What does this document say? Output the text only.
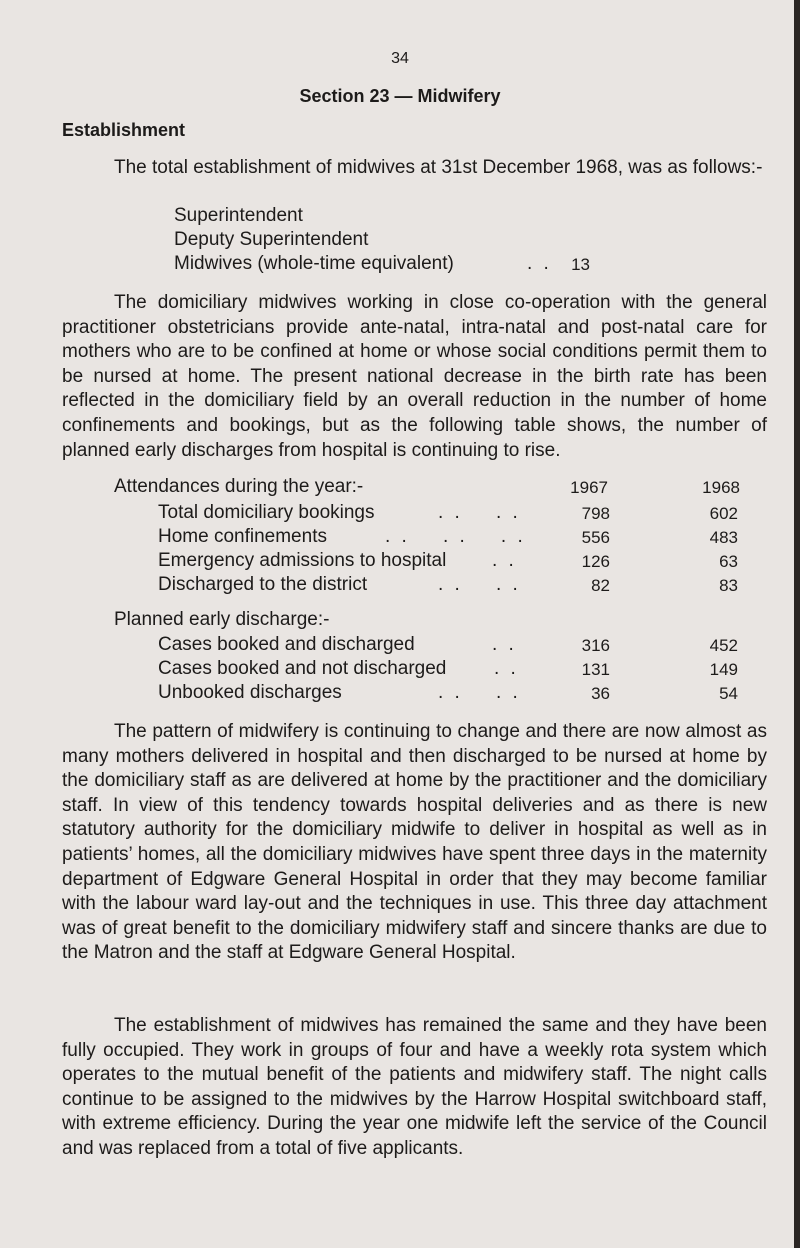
34
Section 23 — Midwifery
Establishment

The total establishment of midwives at 31st December 1968, was as follows:-

Superintendent
Deputy Superintendent
Midwives (whole-time equivalent)	. .	13

The domiciliary midwives working in close co-operation with the general practitioner obstetricians provide ante-natal, intra-natal and post-natal care for mothers who are to be confined at home or whose social conditions permit them to be nursed at home. The present national decrease in the birth rate has been reflected in the domiciliary field by an overall reduction in the number of home confinements and bookings, but as the following table shows, the number of planned early discharges from hospital is continuing to rise.

Attendances during the year:-	1967	1968
Total domiciliary bookings	. .    . .	798	602
Home confinements	. .    . .    . .	556	483
Emergency admissions to hospital . .	126	63
Discharged to the district	. .    . .	82	83
Planned early discharge:-
Cases booked and discharged	. .	316	452
Cases booked and not discharged	. .	131	149
Unbooked discharges	. .    . .	36	54

The pattern of midwifery is continuing to change and there are now almost as many mothers delivered in hospital and then discharged to be nursed at home by the domiciliary staff as are delivered at home by the practitioner and the domiciliary staff. In view of this tendency towards hospital deliveries and as there is new statutory authority for the domiciliary midwife to deliver in hospital as well as in patients’ homes, all the domiciliary midwives have spent three days in the maternity department of Edgware General Hospital in order that they may become familiar with the labour ward lay-out and the techniques in use. This three day attachment was of great benefit to the domiciliary midwifery staff and sincere thanks are due to the Matron and the staff at Edgware General Hospital.

The establishment of midwives has remained the same and they have been fully occupied. They work in groups of four and have a weekly rota system which operates to the mutual benefit of the patients and midwifery staff. The night calls continue to be assigned to the midwives by the Harrow Hospital switchboard staff, with extreme efficiency. During the year one midwife left the service of the Council and was replaced from a total of five applicants.
